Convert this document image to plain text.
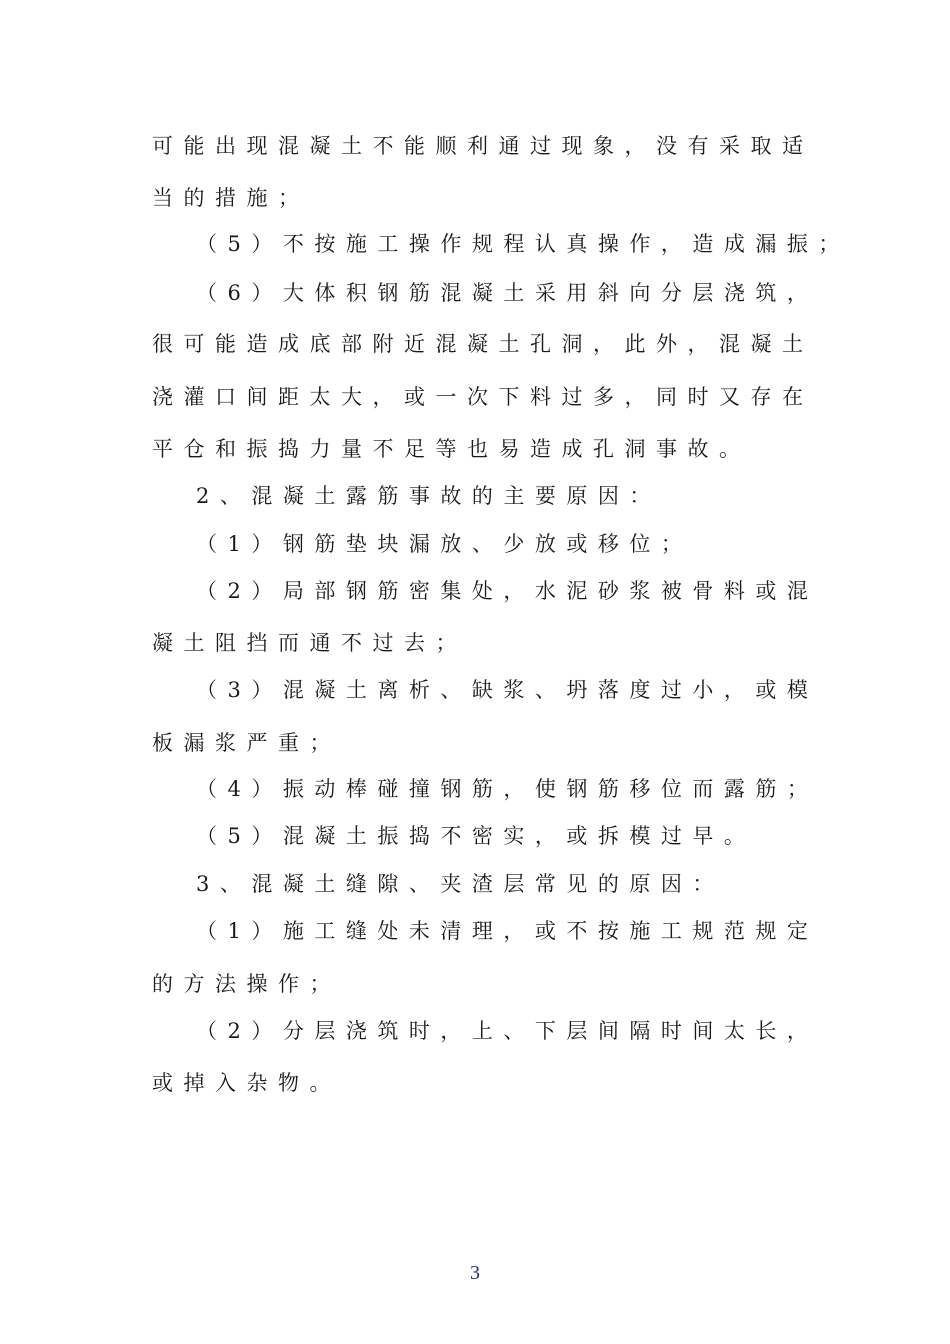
可能出现混凝土不能顺利通过现象，没有采取适
当的措施；
（5）不按施工操作规程认真操作，造成漏振；
（6）大体积钢筋混凝土采用斜向分层浇筑，
很可能造成底部附近混凝土孔洞，此外，混凝土
浇灌口间距太大，或一次下料过多，同时又存在
平仓和振捣力量不足等也易造成孔洞事故。
2、混凝土露筋事故的主要原因：
（1）钢筋垫块漏放、少放或移位；
（2）局部钢筋密集处，水泥砂浆被骨料或混
凝土阻挡而通不过去；
（3）混凝土离析、缺浆、坍落度过小，或模
板漏浆严重；
（4）振动棒碰撞钢筋，使钢筋移位而露筋；
（5）混凝土振捣不密实，或拆模过早。
3、混凝土缝隙、夹渣层常见的原因：
（1）施工缝处未清理，或不按施工规范规定
的方法操作；
（2）分层浇筑时，上、下层间隔时间太长，
或掉入杂物。
3
